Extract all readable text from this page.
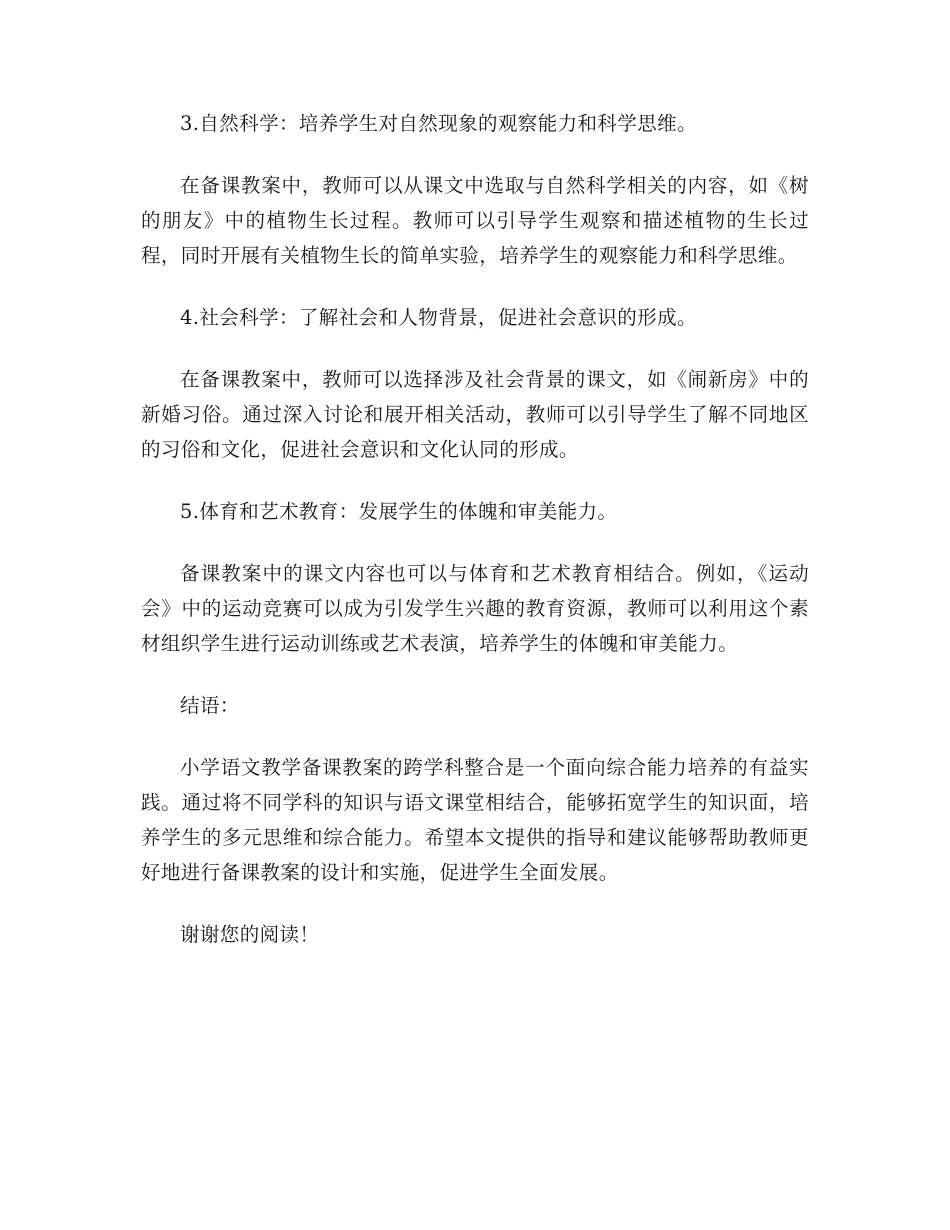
3.自然科学：培养学生对自然现象的观察能力和科学思维。

在备课教案中，教师可以从课文中选取与自然科学相关的内容，如《树的朋友》中的植物生长过程。教师可以引导学生观察和描述植物的生长过程，同时开展有关植物生长的简单实验，培养学生的观察能力和科学思维。

4.社会科学：了解社会和人物背景，促进社会意识的形成。

在备课教案中，教师可以选择涉及社会背景的课文，如《闹新房》中的新婚习俗。通过深入讨论和展开相关活动，教师可以引导学生了解不同地区的习俗和文化，促进社会意识和文化认同的形成。

5.体育和艺术教育：发展学生的体魄和审美能力。

备课教案中的课文内容也可以与体育和艺术教育相结合。例如，《运动会》中的运动竞赛可以成为引发学生兴趣的教育资源，教师可以利用这个素材组织学生进行运动训练或艺术表演，培养学生的体魄和审美能力。

结语：

小学语文教学备课教案的跨学科整合是一个面向综合能力培养的有益实践。通过将不同学科的知识与语文课堂相结合，能够拓宽学生的知识面，培养学生的多元思维和综合能力。希望本文提供的指导和建议能够帮助教师更好地进行备课教案的设计和实施，促进学生全面发展。

谢谢您的阅读！
